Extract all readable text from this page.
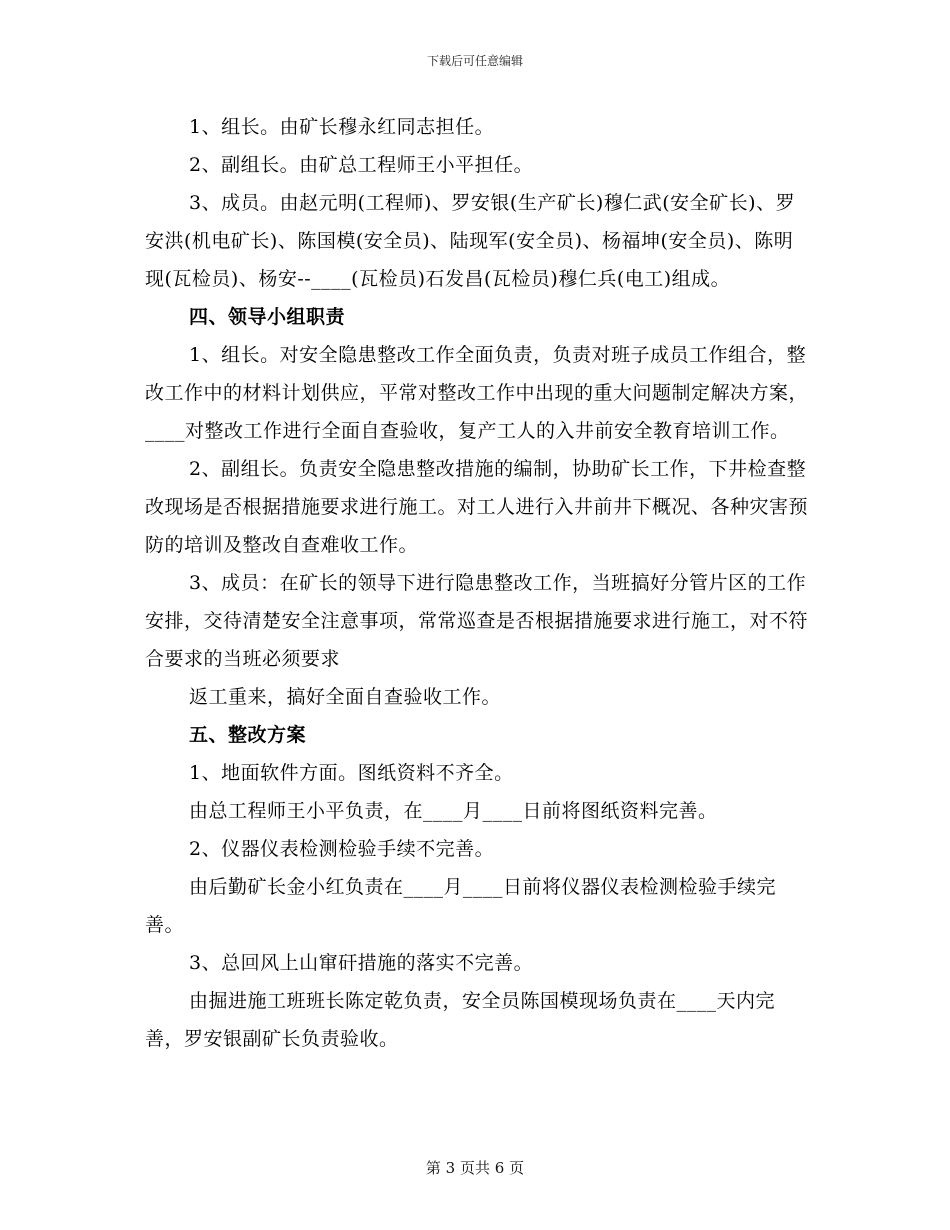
下载后可任意编辑

1、组长。由矿长穆永红同志担任。

2、副组长。由矿总工程师王小平担任。

3、成员。由赵元明(工程师)、罗安银(生产矿长)穆仁武(安全矿长)、罗安洪(机电矿长)、陈国模(安全员)、陆现军(安全员)、杨福坤(安全员)、陈明现(瓦检员)、杨安--____(瓦检员)石发昌(瓦检员)穆仁兵(电工)组成。

四、领导小组职责

1、组长。对安全隐患整改工作全面负责，负责对班子成员工作组合，整改工作中的材料计划供应，平常对整改工作中出现的重大问题制定解决方案，____对整改工作进行全面自查验收，复产工人的入井前安全教育培训工作。

2、副组长。负责安全隐患整改措施的编制，协助矿长工作，下井检查整改现场是否根据措施要求进行施工。对工人进行入井前井下概况、各种灾害预防的培训及整改自查难收工作。

3、成员：在矿长的领导下进行隐患整改工作，当班搞好分管片区的工作安排，交待清楚安全注意事项，常常巡查是否根据措施要求进行施工，对不符合要求的当班必须要求

返工重来，搞好全面自查验收工作。

五、整改方案

1、地面软件方面。图纸资料不齐全。

由总工程师王小平负责，在____月____日前将图纸资料完善。

2、仪器仪表检测检验手续不完善。

由后勤矿长金小红负责在____月____日前将仪器仪表检测检验手续完善。

3、总回风上山窜矸措施的落实不完善。

由掘进施工班班长陈定乾负责，安全员陈国模现场负责在____天内完善，罗安银副矿长负责验收。

第 3 页共 6 页
